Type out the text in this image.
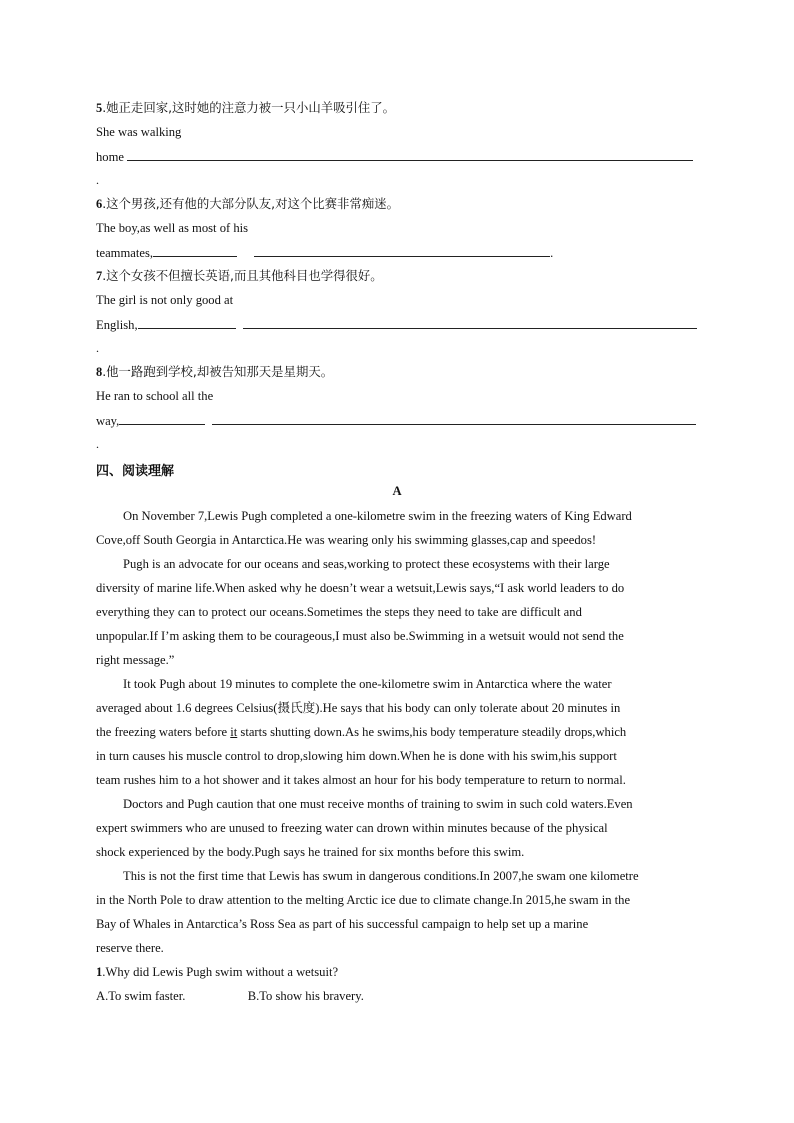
5.她正走回家,这时她的注意力被一只小山羊吸引住了。
She was walking
home
.
6.这个男孩,还有他的大部分队友,对这个比赛非常痴迷。
The boy,as well as most of his
teammates,	.
7.这个女孩不但擅长英语,而且其他科目也学得很好。
The girl is not only good at
English,
.
8.他一路跑到学校,却被告知那天是星期天。
He ran to school all the
way,
.
四、阅读理解
A
On November 7,Lewis Pugh completed a one-kilometre swim in the freezing waters of King Edward
Cove,off South Georgia in Antarctica.He was wearing only his swimming glasses,cap and speedos!
Pugh is an advocate for our oceans and seas,working to protect these ecosystems with their large
diversity of marine life.When asked why he doesn’t wear a wetsuit,Lewis says,“I ask world leaders to do
everything they can to protect our oceans.Sometimes the steps they need to take are difficult and
unpopular.If I’m asking them to be courageous,I must also be.Swimming in a wetsuit would not send the
right message.”
It took Pugh about 19 minutes to complete the one-kilometre swim in Antarctica where the water
averaged about 1.6 degrees Celsius(摄氏度).He says that his body can only tolerate about 20 minutes in
the freezing waters before it starts shutting down.As he swims,his body temperature steadily drops,which
in turn causes his muscle control to drop,slowing him down.When he is done with his swim,his support
team rushes him to a hot shower and it takes almost an hour for his body temperature to return to normal.
Doctors and Pugh caution that one must receive months of training to swim in such cold waters.Even
expert swimmers who are unused to freezing water can drown within minutes because of the physical
shock experienced by the body.Pugh says he trained for six months before this swim.
This is not the first time that Lewis has swum in dangerous conditions.In 2007,he swam one kilometre
in the North Pole to draw attention to the melting Arctic ice due to climate change.In 2015,he swam in the
Bay of Whales in Antarctica’s Ross Sea as part of his successful campaign to help set up a marine
reserve there.
1.Why did Lewis Pugh swim without a wetsuit?
A.To swim faster.	B.To show his bravery.
